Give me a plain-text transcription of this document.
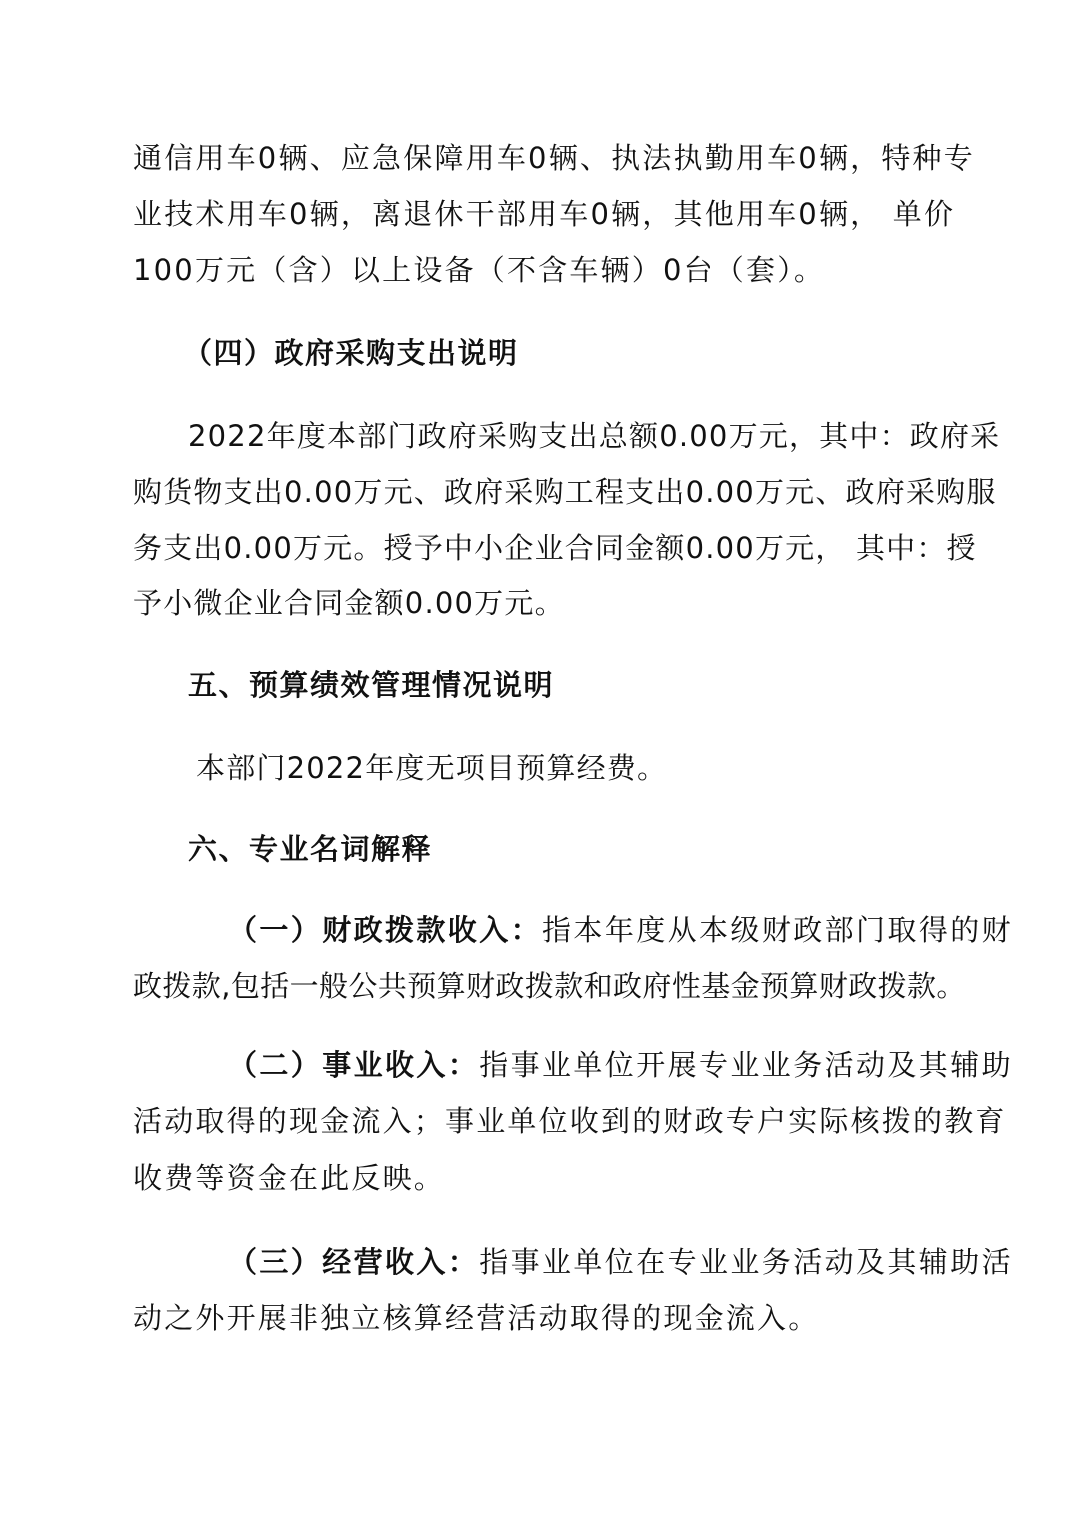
通信用车0辆、应急保障用车0辆、执法执勤用车0辆，特种专
业技术用车0辆，离退休干部用车0辆，其他用车0辆， 单价
100万元（含）以上设备（不含车辆）0台（套）。
（四）政府采购支出说明
2022年度本部门政府采购支出总额0.00万元，其中：政府采
购货物支出0.00万元、政府采购工程支出0.00万元、政府采购服
务支出0.00万元。授予中小企业合同金额0.00万元， 其中：授
予小微企业合同金额0.00万元。
五、预算绩效管理情况说明
本部门2022年度无项目预算经费。
六、专业名词解释
（一）财政拨款收入：指本年度从本级财政部门取得的财
政拨款,包括一般公共预算财政拨款和政府性基金预算财政拨款。
（二）事业收入：指事业单位开展专业业务活动及其辅助
活动取得的现金流入；事业单位收到的财政专户实际核拨的教育
收费等资金在此反映。
（三）经营收入：指事业单位在专业业务活动及其辅助活
动之外开展非独立核算经营活动取得的现金流入。
